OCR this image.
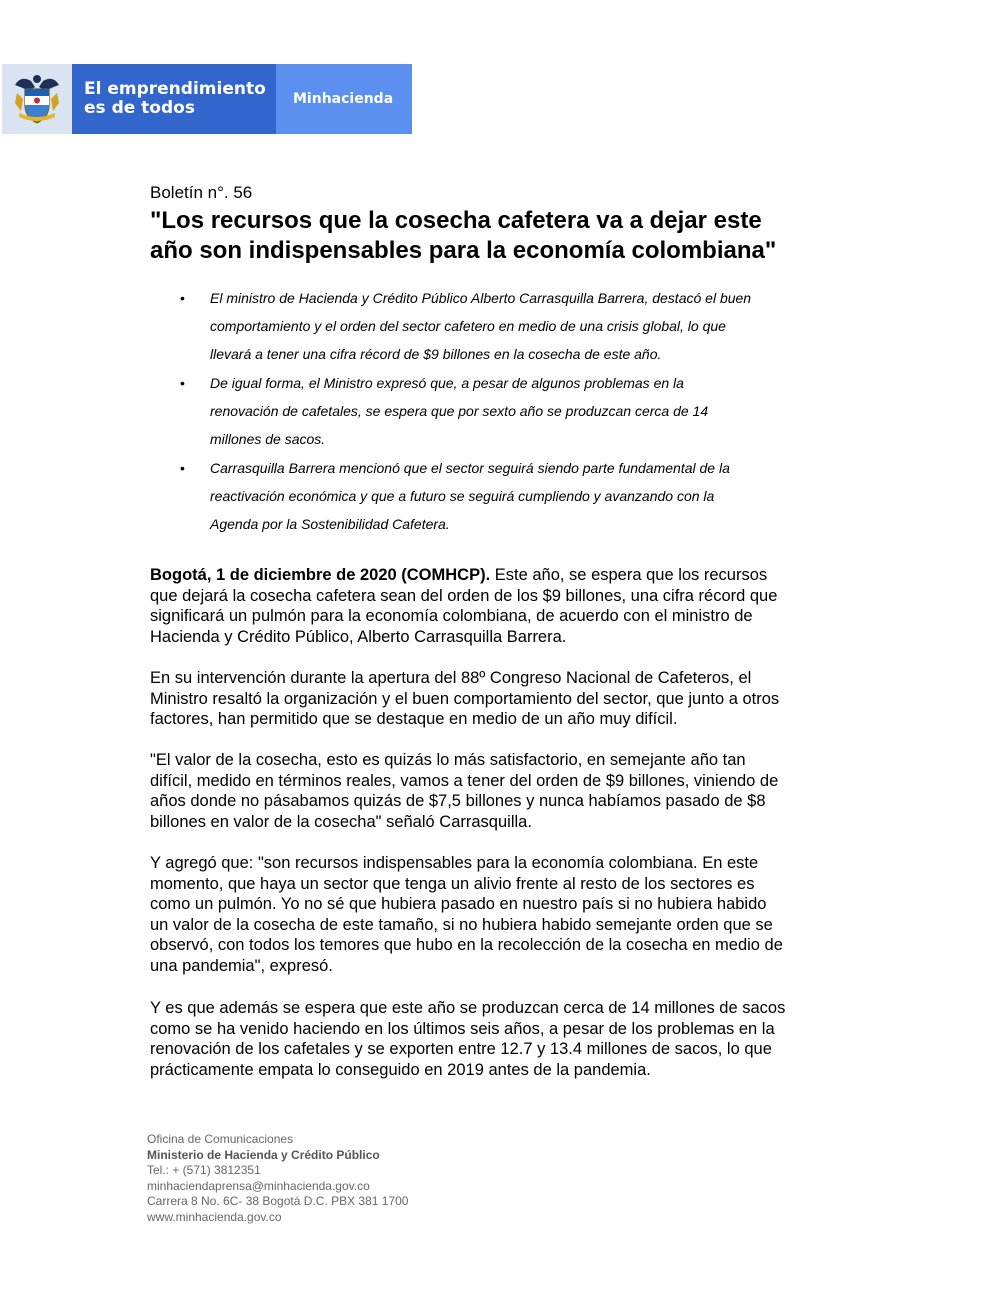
El emprendimiento
es de todos	Minhacienda
Boletín n°. 56
"Los recursos que la cosecha cafetera va a dejar este
año son indispensables para la economía colombiana"
• El ministro de Hacienda y Crédito Público Alberto Carrasquilla Barrera, destacó el buen
comportamiento y el orden del sector cafetero en medio de una crisis global, lo que
llevará a tener una cifra récord de $9 billones en la cosecha de este año.
• De igual forma, el Ministro expresó que, a pesar de algunos problemas en la
renovación de cafetales, se espera que por sexto año se produzcan cerca de 14
millones de sacos.
• Carrasquilla Barrera mencionó que el sector seguirá siendo parte fundamental de la
reactivación económica y que a futuro se seguirá cumpliendo y avanzando con la
Agenda por la Sostenibilidad Cafetera.

Bogotá, 1 de diciembre de 2020 (COMHCP). Este año, se espera que los recursos
que dejará la cosecha cafetera sean del orden de los $9 billones, una cifra récord que
significará un pulmón para la economía colombiana, de acuerdo con el ministro de
Hacienda y Crédito Público, Alberto Carrasquilla Barrera.

En su intervención durante la apertura del 88º Congreso Nacional de Cafeteros, el
Ministro resaltó la organización y el buen comportamiento del sector, que junto a otros
factores, han permitido que se destaque en medio de un año muy difícil.

"El valor de la cosecha, esto es quizás lo más satisfactorio, en semejante año tan
difícil, medido en términos reales, vamos a tener del orden de $9 billones, viniendo de
años donde no pásabamos quizás de $7,5 billones y nunca habíamos pasado de $8
billones en valor de la cosecha" señaló Carrasquilla.

Y agregó que: "son recursos indispensables para la economía colombiana. En este
momento, que haya un sector que tenga un alivio frente al resto de los sectores es
como un pulmón. Yo no sé que hubiera pasado en nuestro país si no hubiera habido
un valor de la cosecha de este tamaño, si no hubiera habido semejante orden que se
observó, con todos los temores que hubo en la recolección de la cosecha en medio de
una pandemia", expresó.

Y es que además se espera que este año se produzcan cerca de 14 millones de sacos
como se ha venido haciendo en los últimos seis años, a pesar de los problemas en la
renovación de los cafetales y se exporten entre 12.7 y 13.4 millones de sacos, lo que
prácticamente empata lo conseguido en 2019 antes de la pandemia.

Oficina de Comunicaciones
Ministerio de Hacienda y Crédito Público
Tel.: + (571) 3812351
minhaciendaprensa@minhacienda.gov.co
Carrera 8 No. 6C- 38 Bogotá D.C. PBX 381 1700
www.minhacienda.gov.co
